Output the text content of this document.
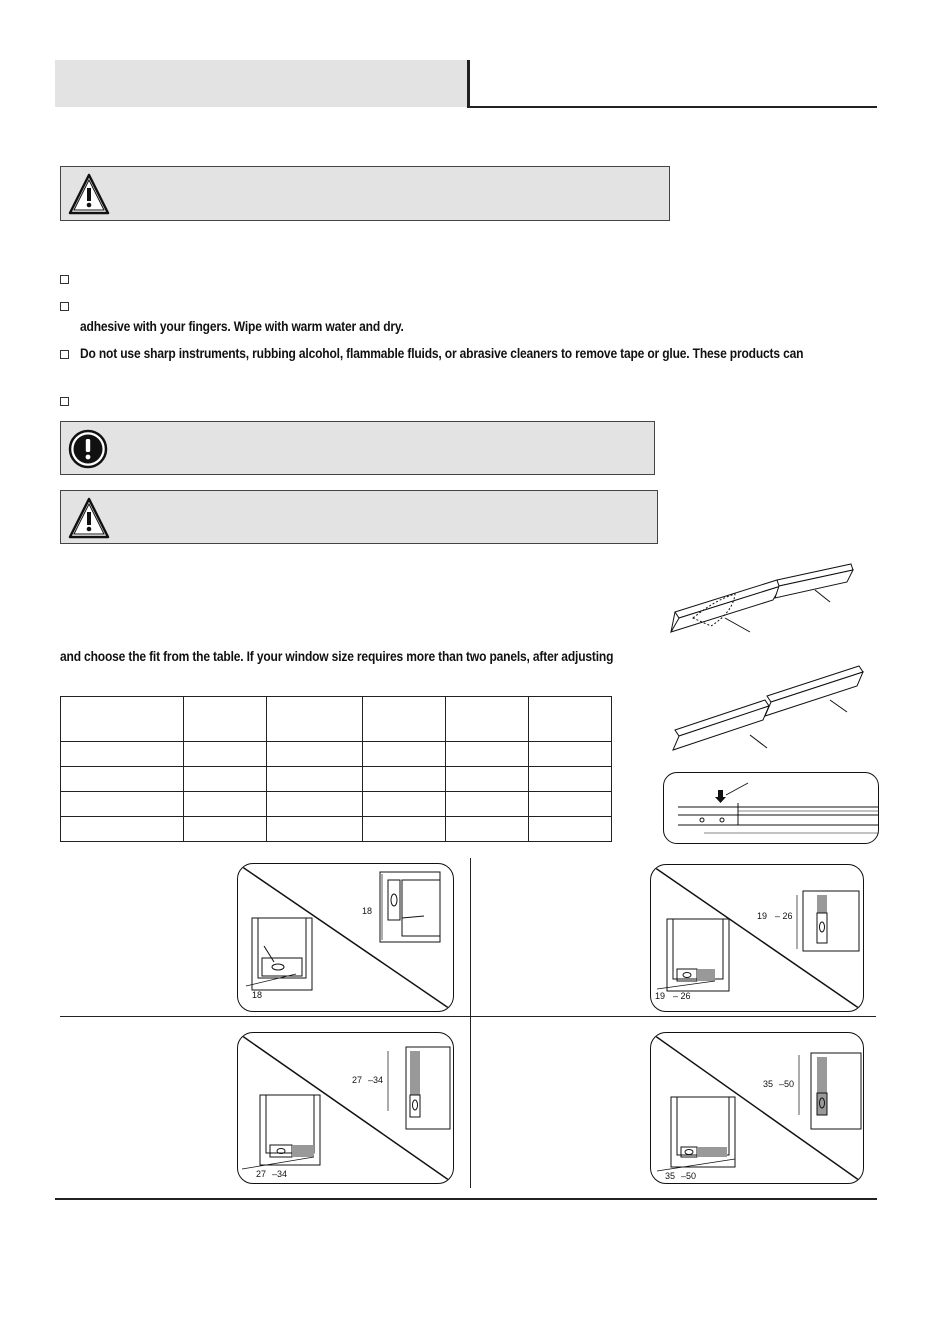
adhesive with your fingers. Wipe with warm water and dry.
Do not use sharp instruments, rubbing alcohol, flammable fluids, or abrasive cleaners to remove tape or glue. These products can
and choose the fit from the table. If your window size requires more than two panels, after adjusting

18
18
19 – 26
19 – 26
27 –34
27 –34
35 –50
35 –50
